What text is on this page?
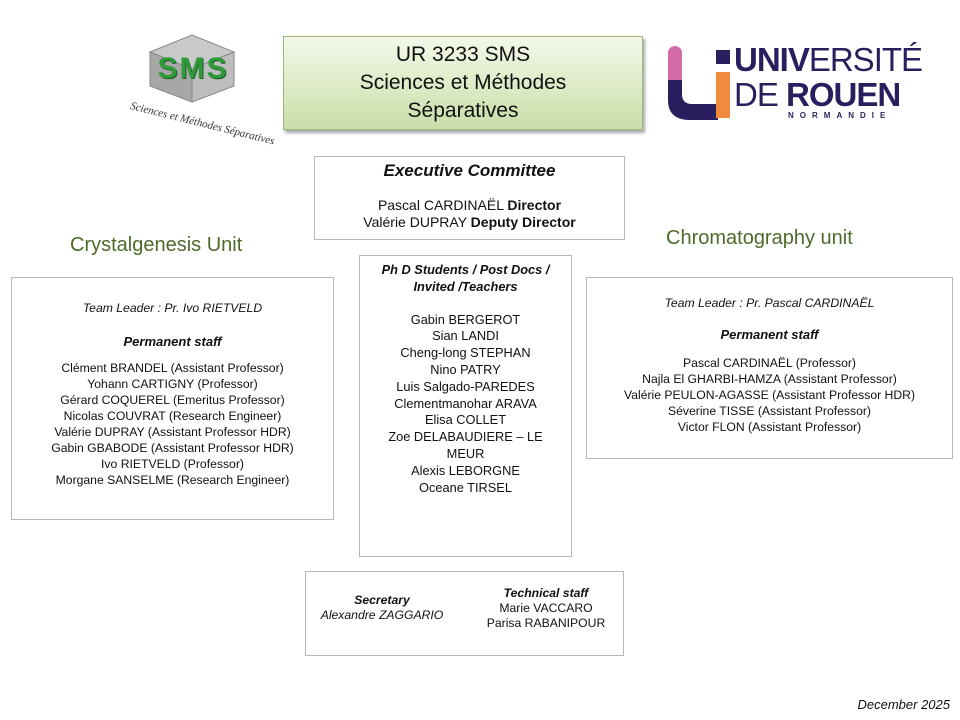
SMS
Sciences et Méthodes Séparatives
UR 3233 SMS
Sciences et Méthodes
Séparatives
UNIVERSITÉ
DE ROUEN
NORMANDIE
Executive Committee
Pascal CARDINAËL Director
Valérie DUPRAY Deputy Director
Crystalgenesis Unit	Chromatography unit
Team Leader : Pr. Ivo RIETVELD
Permanent staff
Clément BRANDEL (Assistant Professor)
Yohann CARTIGNY (Professor)
Gérard COQUEREL (Emeritus Professor)
Nicolas COUVRAT (Research Engineer)
Valérie DUPRAY (Assistant Professor HDR)
Gabin GBABODE (Assistant Professor HDR)
Ivo RIETVELD (Professor)
Morgane SANSELME (Research Engineer)
Ph D Students / Post Docs /
Invited /Teachers
Gabin BERGEROT
Sian LANDI
Cheng-long STEPHAN
Nino PATRY
Luis Salgado-PAREDES
Clementmanohar ARAVA
Elisa COLLET
Zoe DELABAUDIERE – LE
MEUR
Alexis LEBORGNE
Oceane TIRSEL
Team Leader : Pr. Pascal CARDINAËL
Permanent staff
Pascal CARDINAËL (Professor)
Najla El GHARBI-HAMZA (Assistant Professor)
Valérie PEULON-AGASSE (Assistant Professor HDR)
Séverine TISSE (Assistant Professor)
Victor FLON (Assistant Professor)
Secretary
Alexandre ZAGGARIO
Technical staff
Marie VACCARO
Parisa RABANIPOUR
December 2025
